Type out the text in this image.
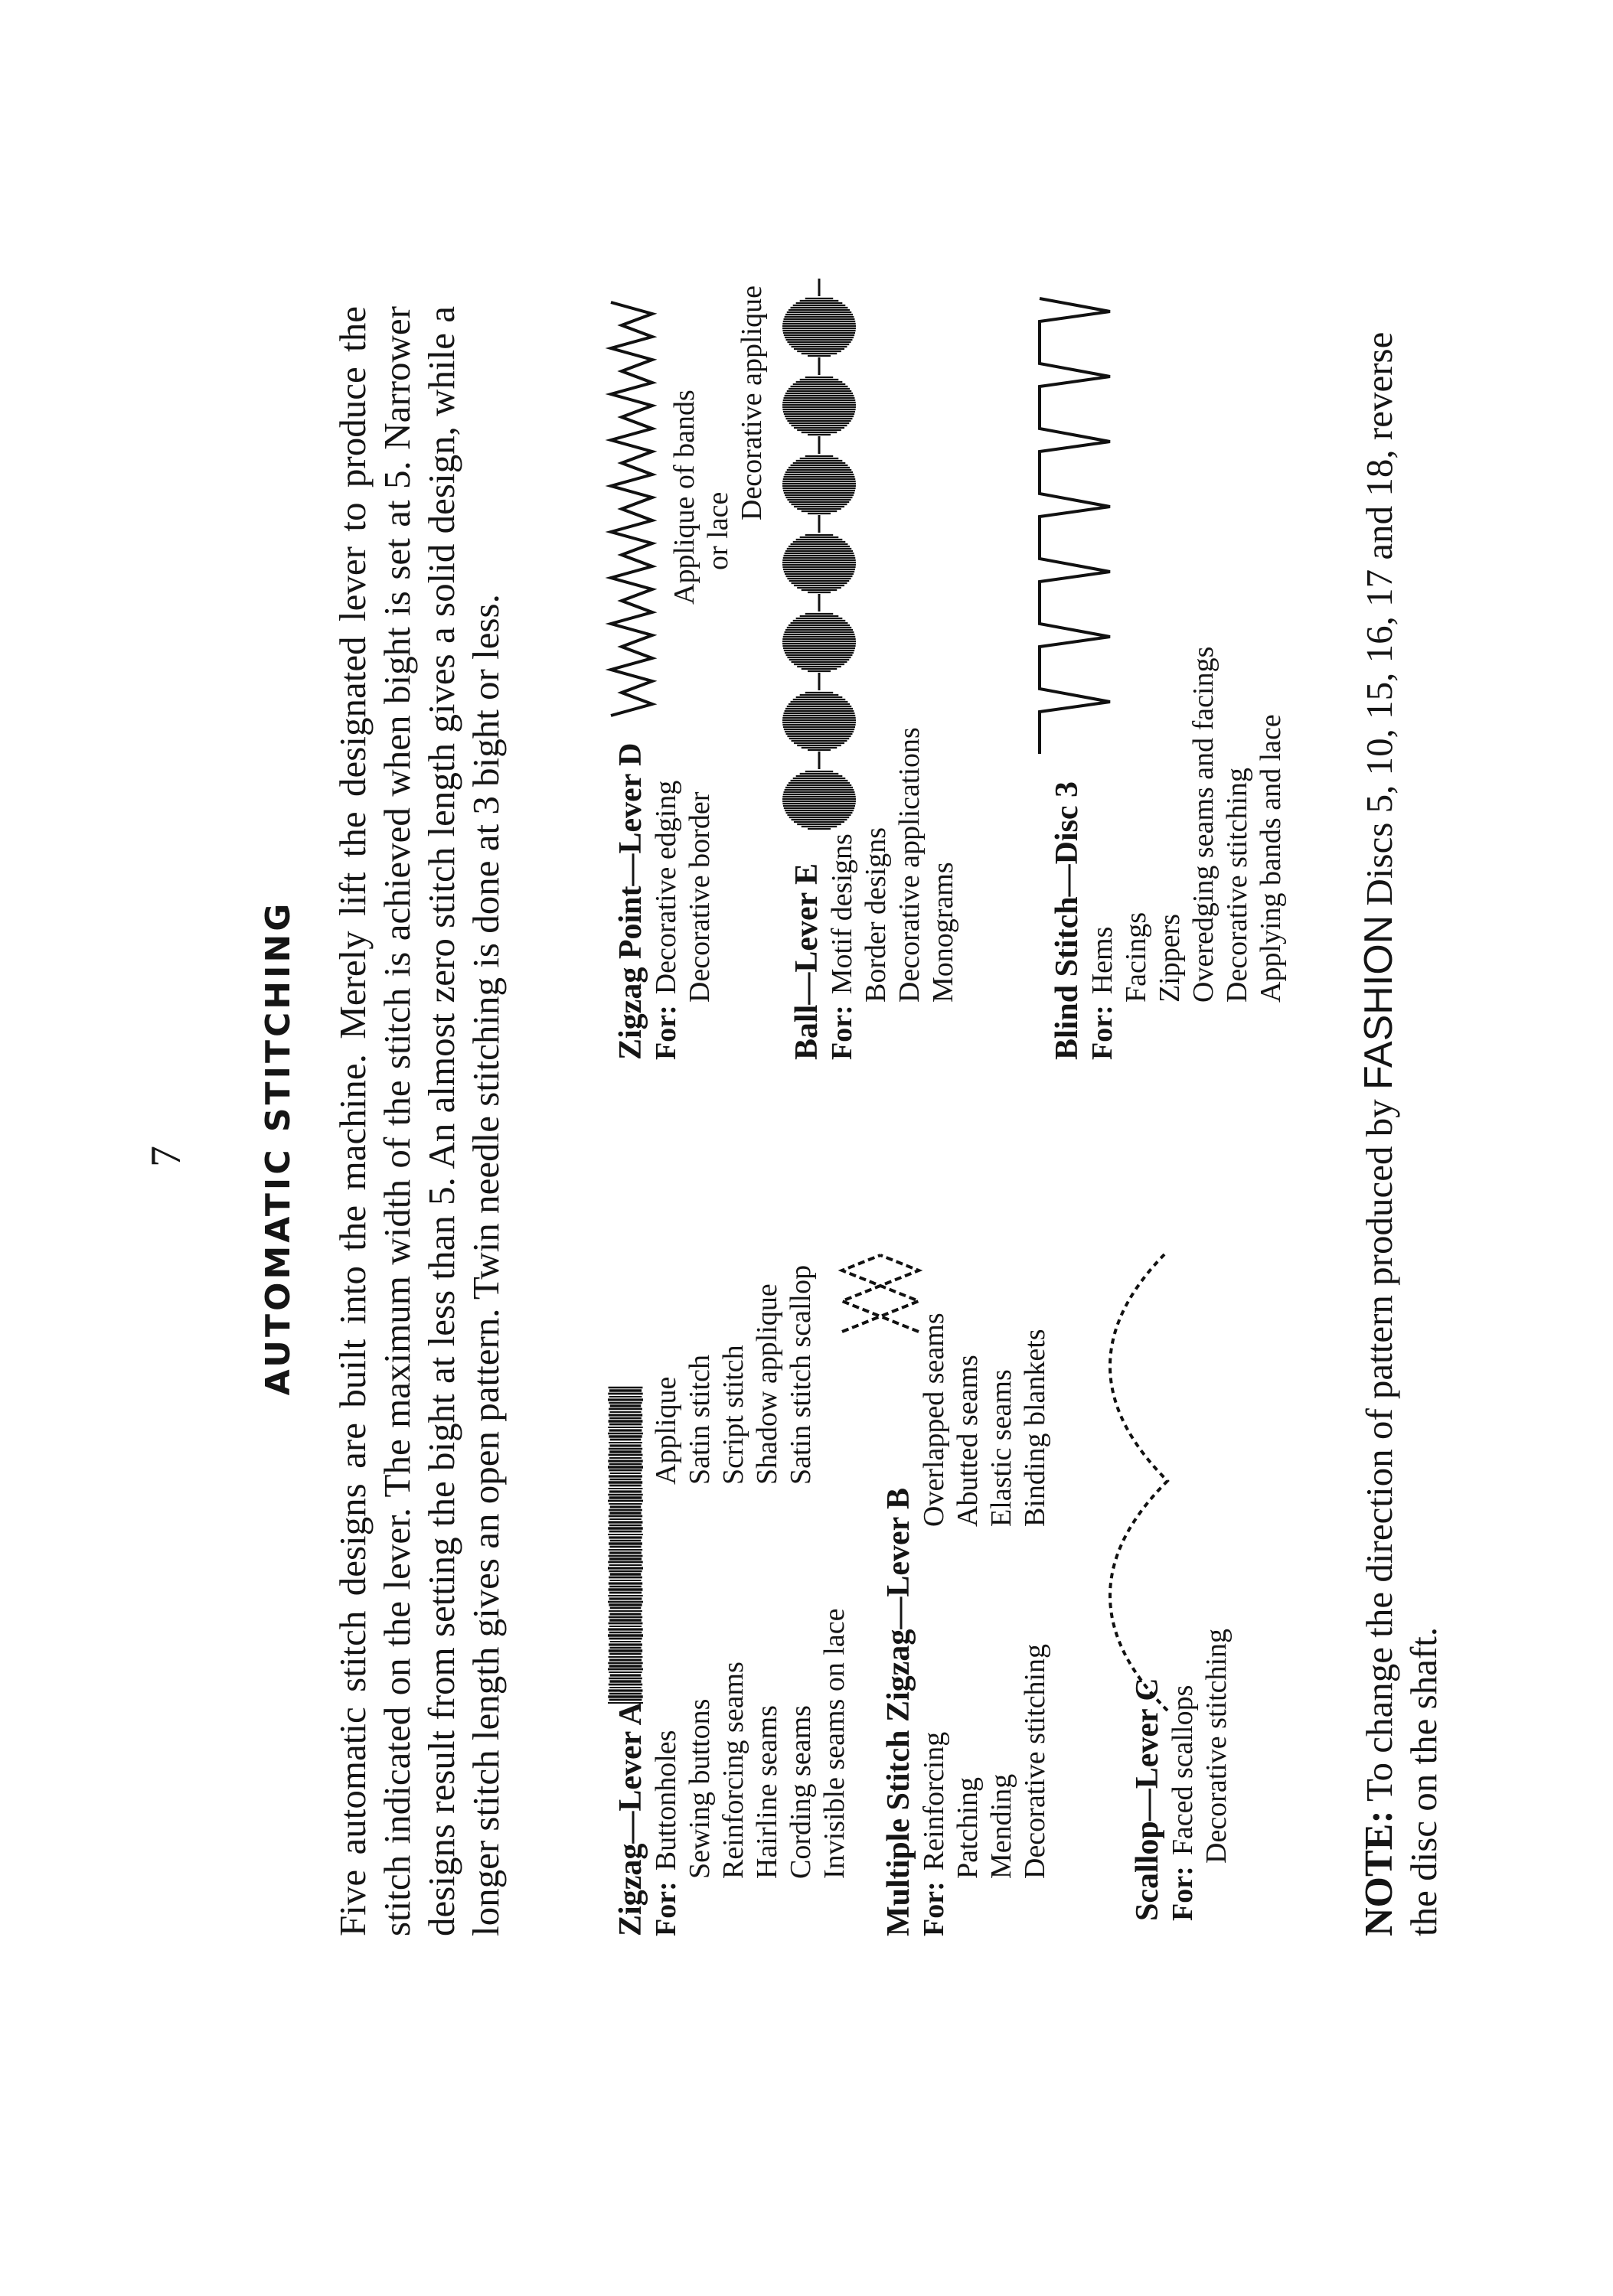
7 AUTOMATIC STITCHING Five automatic stitch designs are built into the machine. Merely lift the designated lever to produce the stitch indicated on the lever. The maximum width of the stitch is achieved when bight is set at 5. Narrower designs result from setting the bight at less than 5. An almost zero stitch length gives a solid design, while a longer stitch length gives an open pattern. Twin needle stitching is done at 3 bight or less.	Zigzag—Lever A For:Buttonholes Sewing buttons Reinforcing seams Hairline seams Cording seams Invisible seams on lace
Applique Satin stitch Script stitch Shadow applique Satin stitch scallop
Multiple Stitch Zigzag—Lever B For:Reinforcing Patching Mending Decorative stitching
Overlapped seams Abutted seams Elastic seams Binding blankets
Scallop—Lever C For:Faced scallops Decorative stitching
Zigzag Point—Lever D For:Decorative edging Decorative border
Applique of bands or lace
Decorative applique
Ball—Lever E For:Motif designs Border designs Decorative applications Monograms	Blind Stitch—Disc 3 For:Hems Facings Zippers Overedging seams and facings Decorative stitching Applying bands and lace

NOTE: To change the direction of pattern produced by FASHION Discs 5, 10, 15, 16, 17 and 18, reverse the disc on the shaft.
